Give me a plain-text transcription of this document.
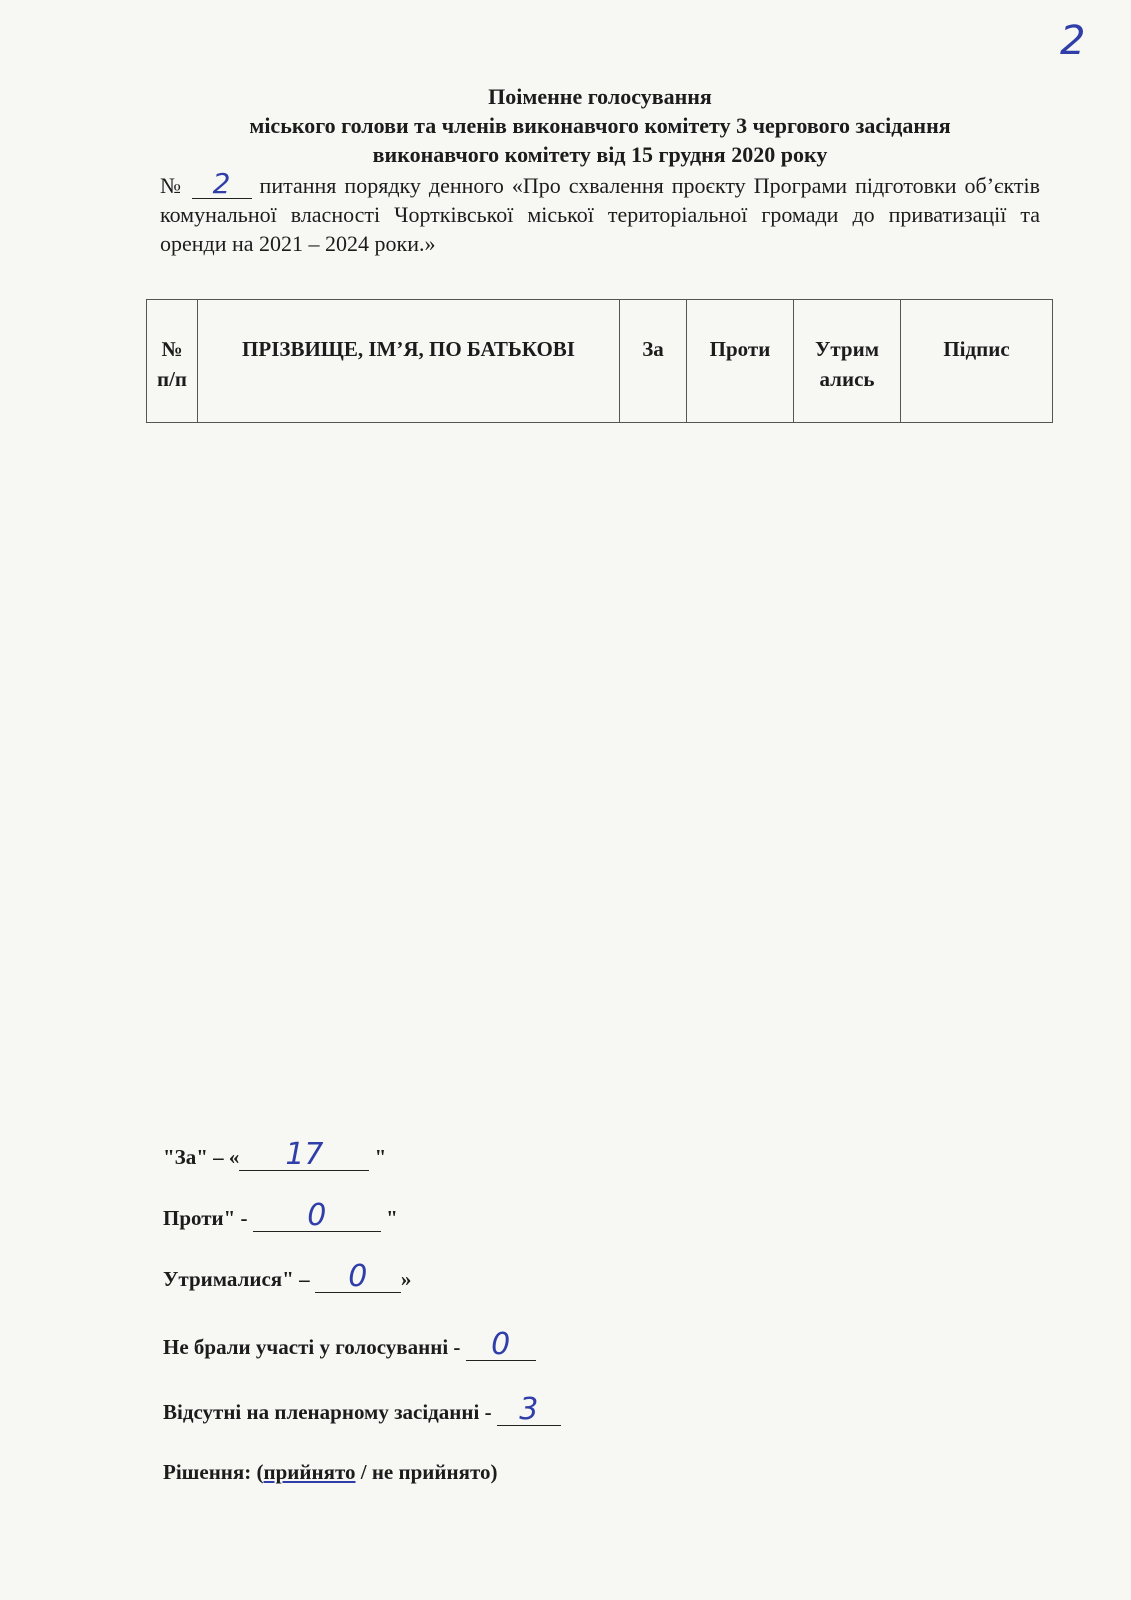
2

Поіменне голосування

міського голови та членів виконавчого комітету 3 чергового засідання

виконавчого комітету від 15 грудня 2020 року

№ 2 питання порядку денного «Про схвалення проєкту Програми підготовки об’єктів комунальної власності Чортківської міської територіальної громади до приватизації та оренди на 2021 – 2024 роки.»

№ п/п	ПРІЗВИЩЕ, ІМ’Я, ПО БАТЬКОВІ	За	Проти	Утрим ались	Підпис
"За" – « 17 "
Проти" - 0	"
Утрималися" – 0 »
Не брали участі у голосуванні - 0
Відсутні на пленарному засіданні - 3
Рішення: (прийнято / не прийнято)
